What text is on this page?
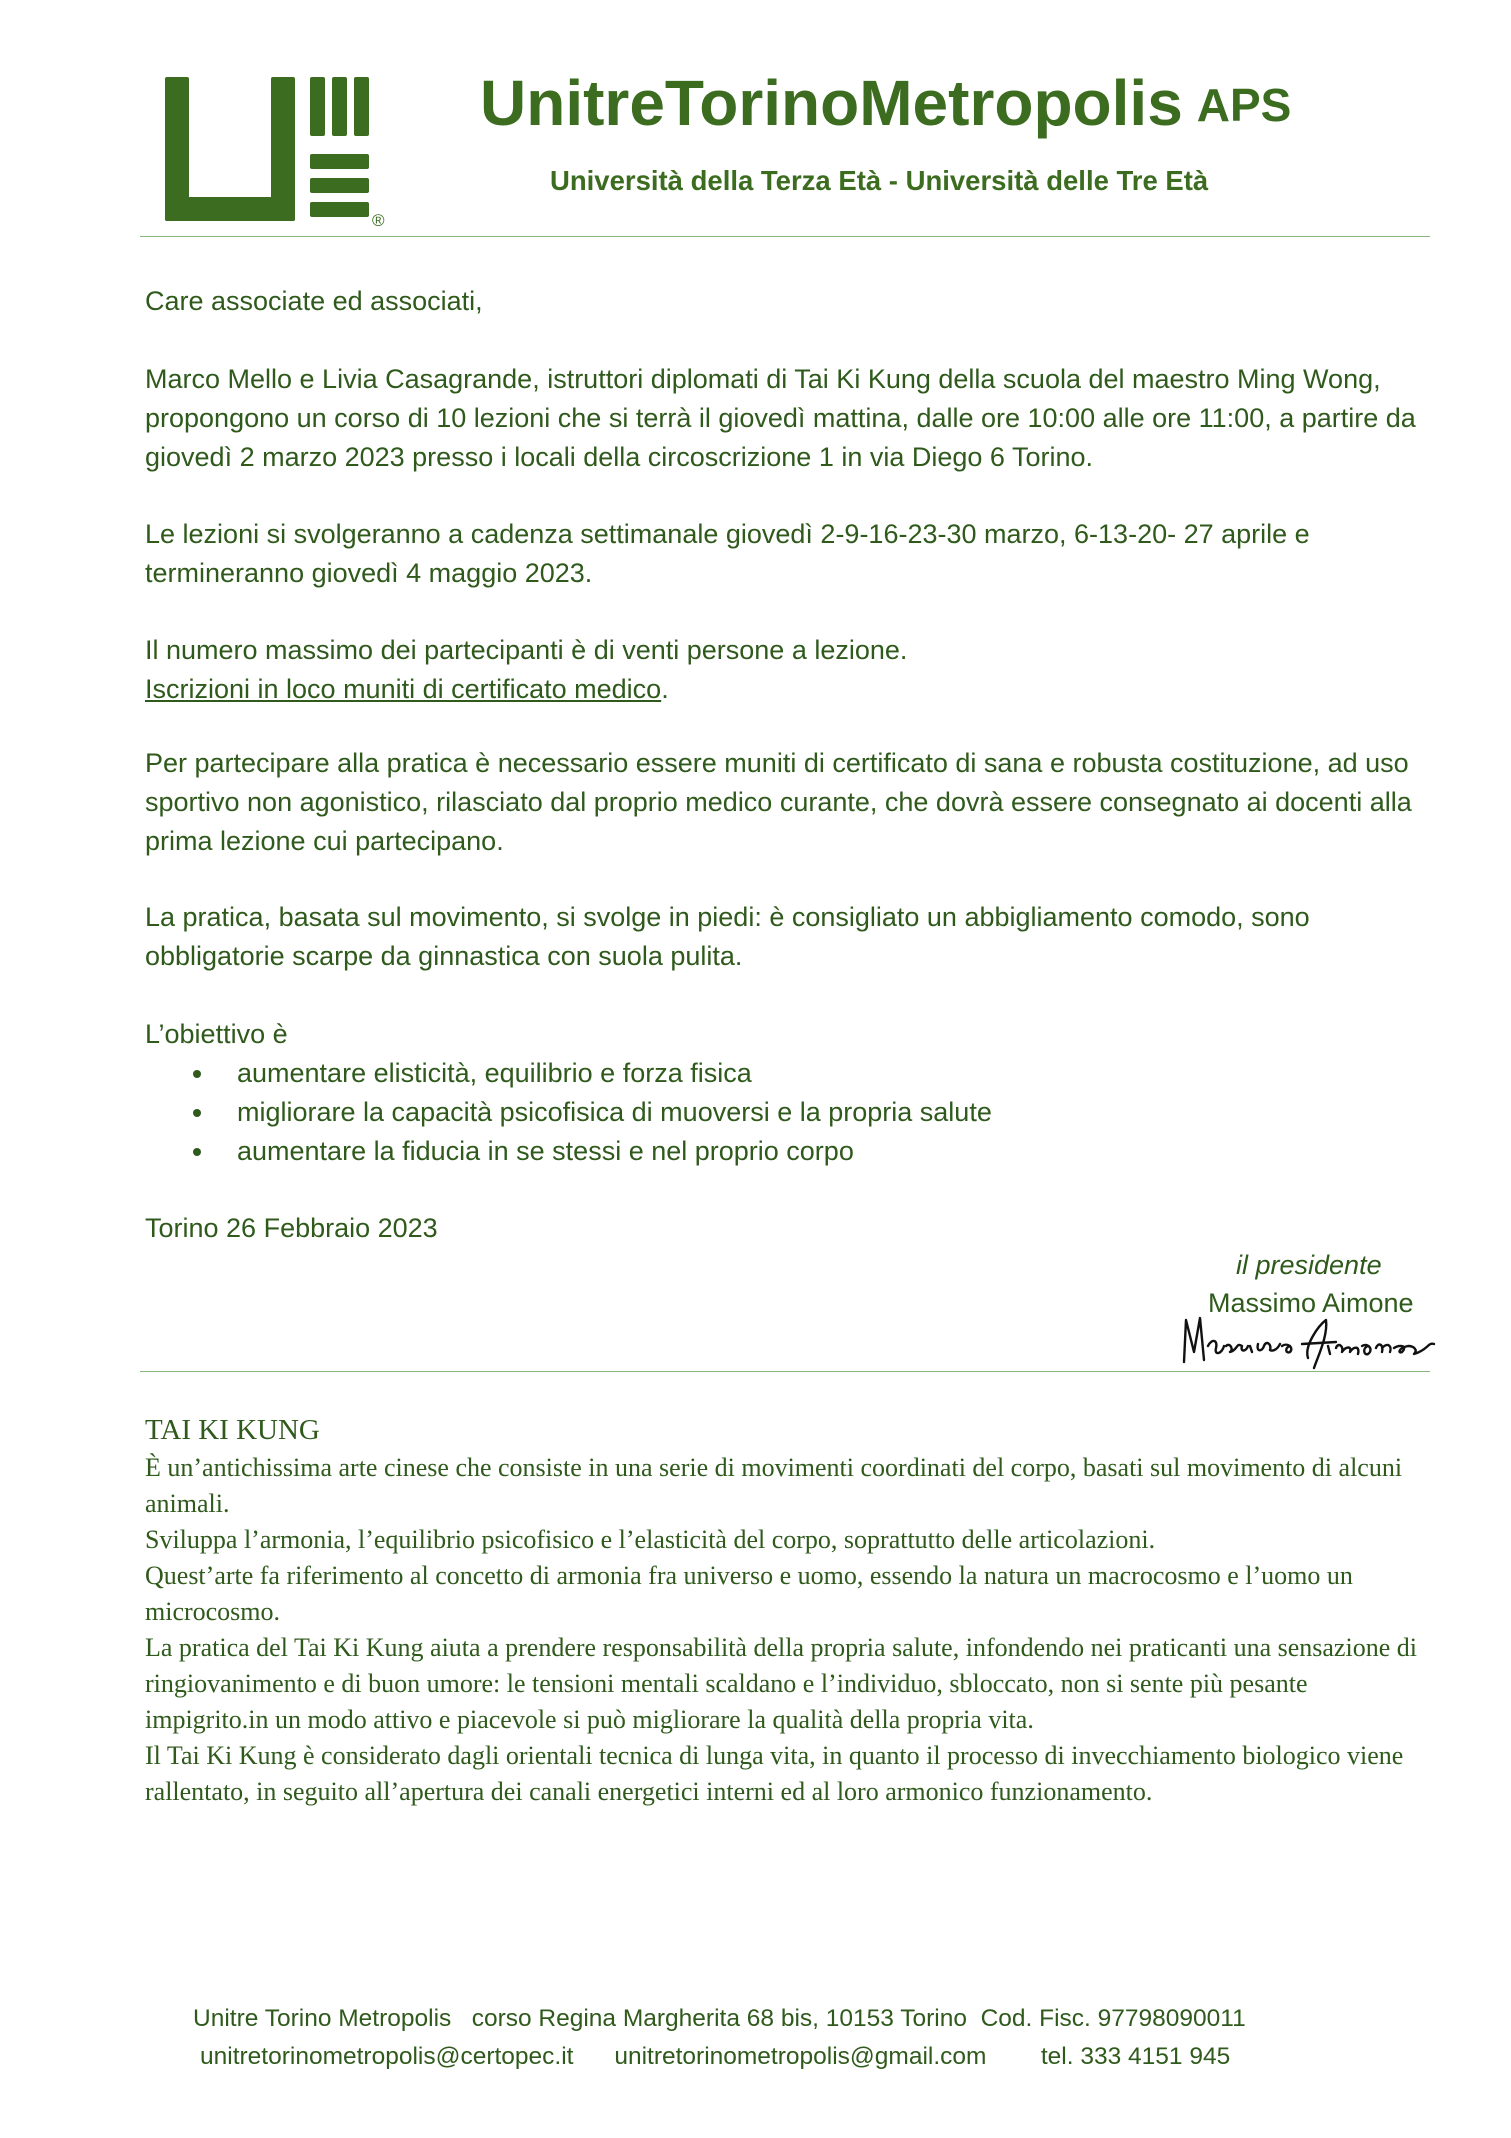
®
UnitreTorinoMetropolis APS
Università della Terza Età - Università delle Tre Età
Care associate ed associati,

Marco Mello e Livia Casagrande, istruttori diplomati di Tai Ki Kung della scuola del maestro Ming Wong, propongono un corso di 10 lezioni che si terrà il giovedì mattina, dalle ore 10:00 alle ore 11:00, a partire da giovedì 2 marzo 2023 presso i locali della circoscrizione 1 in via Diego 6 Torino.

Le lezioni si svolgeranno a cadenza settimanale giovedì 2-9-16-23-30 marzo, 6-13-20- 27 aprile e termineranno giovedì 4 maggio 2023.

Il numero massimo dei partecipanti è di venti persone a lezione.

Iscrizioni in loco muniti di certificato medico.

Per partecipare alla pratica è necessario essere muniti di certificato di sana e robusta costituzione, ad uso sportivo non agonistico, rilasciato dal proprio medico curante, che dovrà essere consegnato ai docenti alla prima lezione cui partecipano.
La pratica, basata sul movimento, si svolge in piedi: è consigliato un abbigliamento comodo, sono obbligatorie scarpe da ginnastica con suola pulita.

L’obiettivo è

aumentare elisticità, equilibrio e forza fisica
migliorare la capacità psicofisica di muoversi e la propria salute
aumentare la fiducia in se stessi e nel proprio corpo
Torino 26 Febbraio 2023
il presidente
Massimo Aimone
TAI KI KUNG

È un’antichissima arte cinese che consiste in una serie di movimenti coordinati del corpo, basati sul movimento di alcuni animali.

Sviluppa l’armonia, l’equilibrio psicofisico e l’elasticità del corpo, soprattutto delle articolazioni.

Quest’arte fa riferimento al concetto di armonia fra universo e uomo, essendo la natura un macrocosmo e l’uomo un microcosmo.

La pratica del Tai Ki Kung aiuta a prendere responsabilità della propria salute, infondendo nei praticanti una sensazione di ringiovanimento e di buon umore: le tensioni mentali scaldano e l’individuo, sbloccato, non si sente più pesante impigrito.in un modo attivo e piacevole si può migliorare la qualità della propria vita.

Il Tai Ki Kung è considerato dagli orientali tecnica di lunga vita, in quanto il processo di invecchiamento biologico viene rallentato, in seguito all’apertura dei canali energetici interni ed al loro armonico funzionamento.

Unitre Torino Metropolis   corso Regina Margherita 68 bis, 10153 Torino  Cod. Fisc. 97798090011
unitretorinometropolis@certopec.it      unitretorinometropolis@gmail.com        tel. 333 4151 945
